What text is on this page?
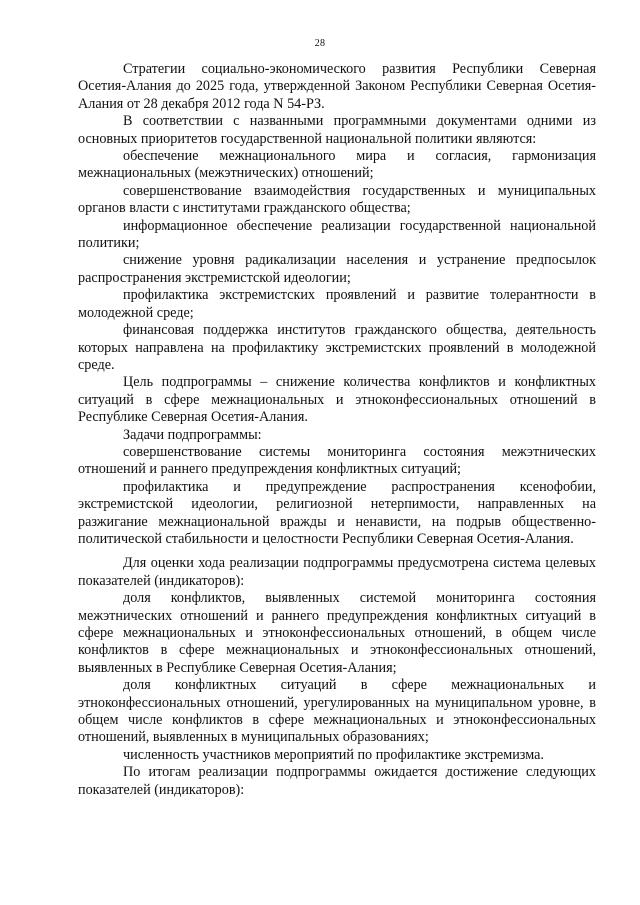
28

Стратегии социально-экономического развития Республики Северная Осетия-Алания до 2025 года, утвержденной Законом Республики Северная Осетия-Алания от 28 декабря 2012 года N 54-РЗ.

В соответствии с названными программными документами одними из основных приоритетов государственной национальной политики являются:

обеспечение межнационального мира и согласия, гармонизация межнациональных (межэтнических) отношений;

совершенствование взаимодействия государственных и муниципальных органов власти с институтами гражданского общества;

информационное обеспечение реализации государственной национальной политики;

снижение уровня радикализации населения и устранение предпосылок распространения экстремистской идеологии;

профилактика экстремистских проявлений и развитие толерантности в молодежной среде;

финансовая поддержка институтов гражданского общества, деятельность которых направлена на профилактику экстремистских проявлений в молодежной среде.

Цель подпрограммы – снижение количества конфликтов и конфликтных ситуаций в сфере межнациональных и этноконфессиональных отношений в Республике Северная Осетия-Алания.

Задачи подпрограммы:

совершенствование системы мониторинга состояния межэтнических отношений и раннего предупреждения конфликтных ситуаций;

профилактика и предупреждение распространения ксенофобии, экстремистской идеологии, религиозной нетерпимости, направленных на разжигание межнациональной вражды и ненависти, на подрыв общественно-политической стабильности и целостности Республики Северная Осетия-Алания.

Для оценки хода реализации подпрограммы предусмотрена система целевых показателей (индикаторов):

доля конфликтов, выявленных системой мониторинга состояния межэтнических отношений и раннего предупреждения конфликтных ситуаций в сфере межнациональных и этноконфессиональных отношений, в общем числе конфликтов в сфере межнациональных и этноконфессиональных отношений, выявленных в Республике Северная Осетия-Алания;

доля конфликтных ситуаций в сфере межнациональных и этноконфессиональных отношений, урегулированных на муниципальном уровне, в общем числе конфликтов в сфере межнациональных и этноконфессиональных отношений, выявленных в муниципальных образованиях;

численность участников мероприятий по профилактике экстремизма.

По итогам реализации подпрограммы ожидается достижение следующих показателей (индикаторов):
